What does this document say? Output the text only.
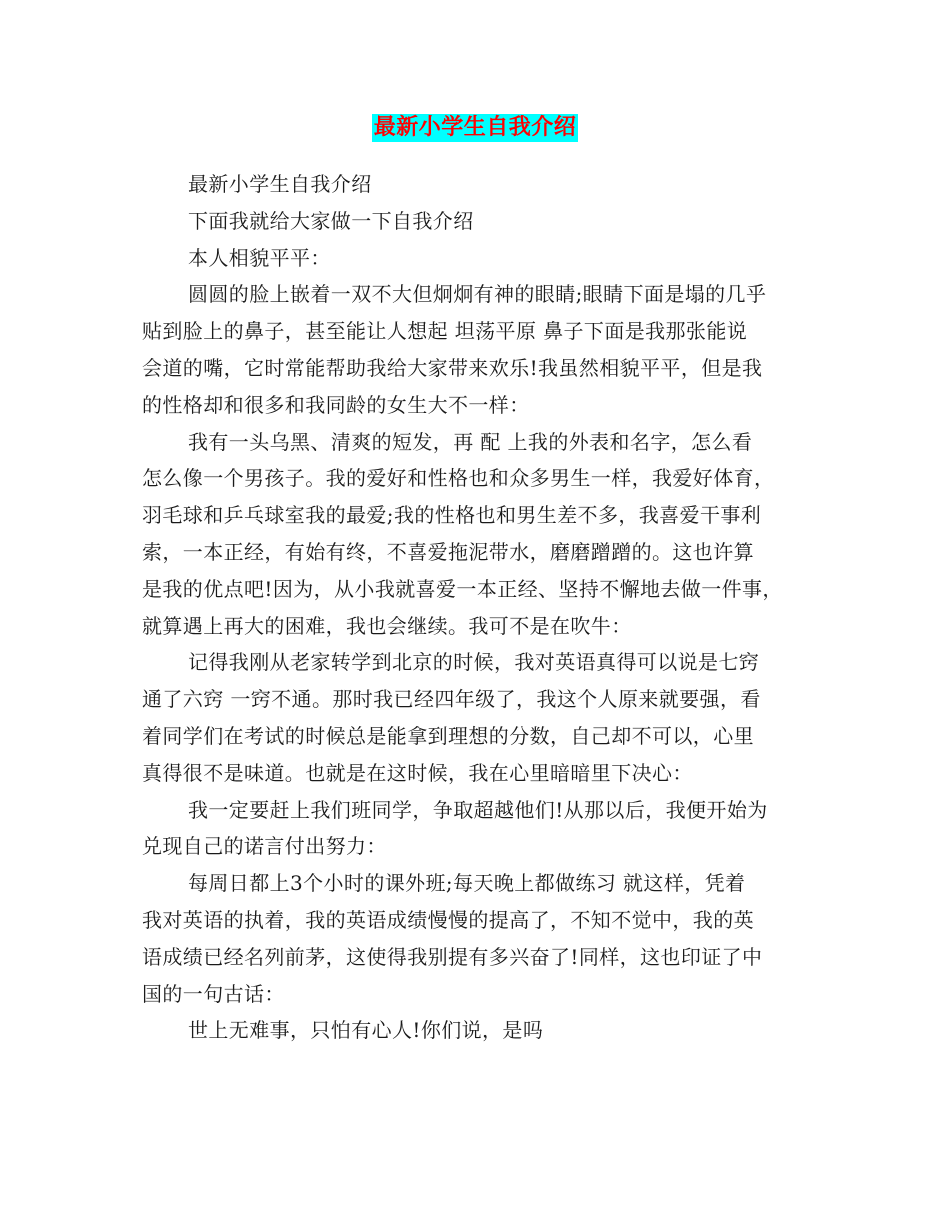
最新小学生自我介绍
最新小学生自我介绍
下面我就给大家做一下自我介绍
本人相貌平平：
圆圆的脸上嵌着一双不大但炯炯有神的眼睛;眼睛下面是塌的几乎
贴到脸上的鼻子，甚至能让人想起 坦荡平原 鼻子下面是我那张能说
会道的嘴，它时常能帮助我给大家带来欢乐!我虽然相貌平平，但是我
的性格却和很多和我同龄的女生大不一样：
我有一头乌黑、清爽的短发，再 配 上我的外表和名字，怎么看
怎么像一个男孩子。我的爱好和性格也和众多男生一样，我爱好体育，
羽毛球和乒乓球室我的最爱;我的性格也和男生差不多，我喜爱干事利
索，一本正经，有始有终，不喜爱拖泥带水，磨磨蹭蹭的。这也许算
是我的优点吧!因为，从小我就喜爱一本正经、坚持不懈地去做一件事，
就算遇上再大的困难，我也会继续。我可不是在吹牛：
记得我刚从老家转学到北京的时候，我对英语真得可以说是七窍
通了六窍 一窍不通。那时我已经四年级了，我这个人原来就要强，看
着同学们在考试的时候总是能拿到理想的分数，自己却不可以，心里
真得很不是味道。也就是在这时候，我在心里暗暗里下决心：
我一定要赶上我们班同学，争取超越他们!从那以后，我便开始为
兑现自己的诺言付出努力：
每周日都上3个小时的课外班;每天晚上都做练习 就这样，凭着
我对英语的执着，我的英语成绩慢慢的提高了，不知不觉中，我的英
语成绩已经名列前茅，这使得我别提有多兴奋了!同样，这也印证了中
国的一句古话：
世上无难事，只怕有心人!你们说，是吗
